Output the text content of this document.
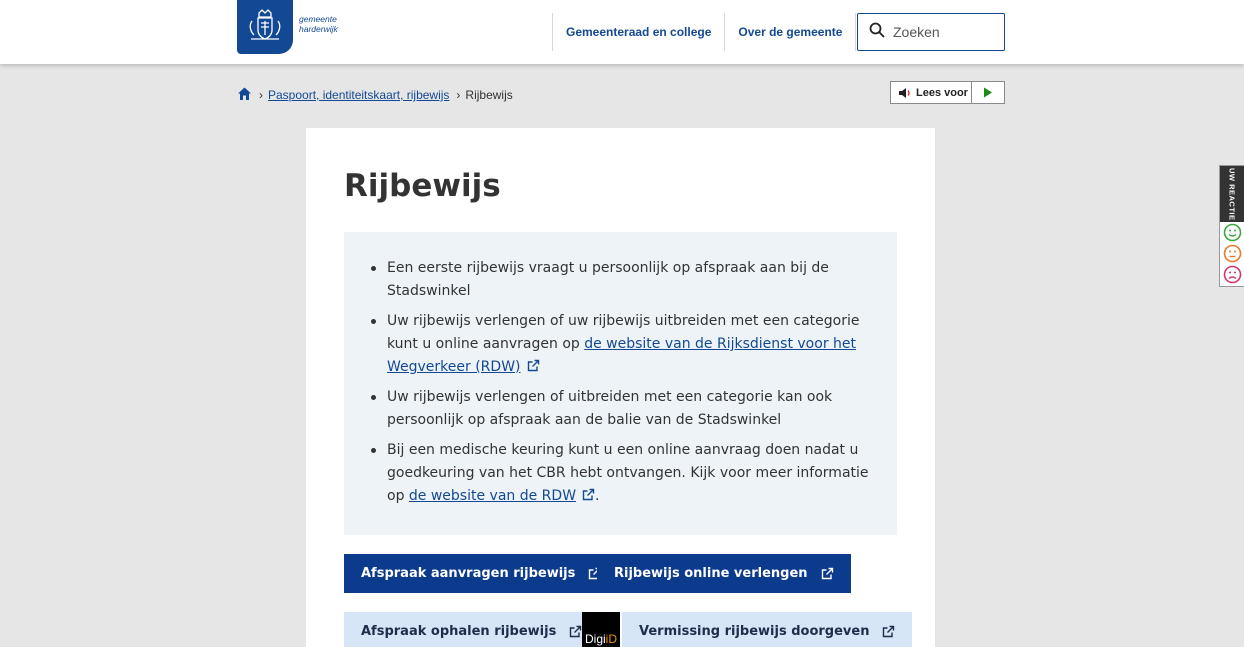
gemeente
harderwijk	Gemeenteraad en college	Over de gemeente
Zoeken
› Paspoort, identiteitskaart, rijbewijs › Rijbewijs	Lees voor
Rijbewijs
Een eerste rijbewijs vraagt u persoonlijk op afspraak aan bij de Stadswinkel
Uw rijbewijs verlengen of uw rijbewijs uitbreiden met een categorie kunt u online aanvragen op de website van de Rijksdienst voor het Wegverkeer (RDW)
Uw rijbewijs verlengen of uitbreiden met een categorie kan ook persoonlijk op afspraak aan de balie van de Stadswinkel
Bij een medische keuring kunt u een online aanvraag doen nadat u goedkeuring van het CBR hebt ontvangen. Kijk voor meer informatie op de website van de RDW .
Afspraak aanvragen rijbewijs	Rijbewijs online verlengen
Afspraak ophalen rijbewijs Digi iD Vermissing rijbewijs doorgeven
UW REACTIE
